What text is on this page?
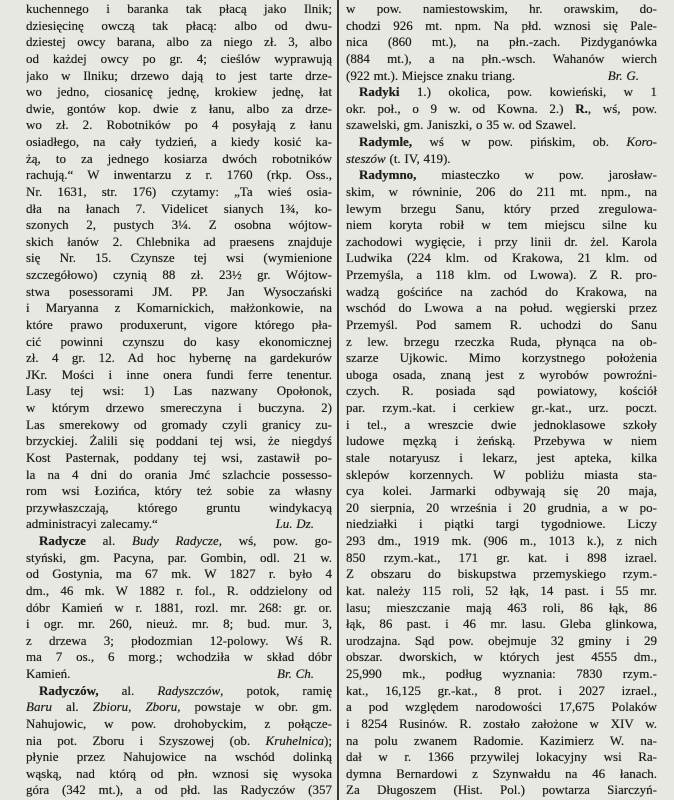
kuchennego i baranka tak płacą jako Ilnik;
dziesięcinę owczą tak płacą: albo od dwu-
dziestej owcy barana, albo za niego zł. 3, albo
od każdej owcy po gr. 4; cieślów wyprawują
jako w Ilniku; drzewo dają to jest tarte drze-
wo jedno, ciosanicę jednę, krokiew jednę, łat
dwie, gontów kop. dwie z łanu, albo za drze-
wo zł. 2. Robotników po 4 posyłają z łanu
osiadłego, na cały tydzień, a kiedy kosić ka-
żą, to za jednego kosiarza dwóch robotników
rachują.“ W inwentarzu z r. 1760 (rkp. Oss.,
Nr. 1631, str. 176) czytamy: „Ta wieś osia-
dła na łanach 7. Videlicet sianych 1¾, ko-
szonych 2, pustych 3¼. Z osobna wójtow-
skich łanów 2. Chlebnika ad praesens znajduje
się Nr. 15. Czynsze tej wsi (wymienione
szczegółowo) czynią 88 zł. 23½ gr. Wójtow-
stwa posessorami JM. PP. Jan Wysoczański
i Maryanna z Komarnickich, małżonkowie, na
które prawo produxerunt, vigore którego pła-
cić powinni czynszu do kasy ekonomicznej
zł. 4 gr. 12. Ad hoc hybernę na gardekurów
JKr. Mości i inne onera fundi ferre tenentur.
Lasy tej wsi: 1) Las nazwany Opołonok,
w którym drzewo smereczyna i buczyna. 2)
Las smerekowy od gromady czyli granicy zu-
brzyckiej. Żalili się poddani tej wsi, że niegdyś
Kost Pasternak, poddany tej wsi, zastawił po-
la na 4 dni do orania Jmć szlachcie possesso-
rom wsi Łozińca, który też sobie za własny
przywłaszczają, którego gruntu windykacyą
administracyi zalecamy.“	Lu. Dz.
Radycze al. Budy Radycze, wś, pow. go-
styński, gm. Pacyna, par. Gombin, odl. 21 w.
od Gostynia, ma 67 mk. W 1827 r. było 4
dm., 46 mk. W 1882 r. fol., R. oddzielony od
dóbr Kamień w r. 1881, rozl. mr. 268: gr. or.
i ogr. mr. 260, nieuż. mr. 8; bud. mur. 3,
z drzewa 3; płodozmian 12-polowy. Wś R.
ma 7 os., 6 morg.; wchodziła w skład dóbr
Kamień.	Br. Ch.
Radyczów, al. Radyszczów, potok, ramię
Baru al. Zbioru, Zboru, powstaje w obr. gm.
Nahujowic, w pow. drohobyckim, z połącze-
nia pot. Zboru i Szyszowej (ob. Kruhelnica);
płynie przez Nahujowice na wschód dolinką
wąską, nad którą od płn. wznosi się wysoka
góra (342 mt.), a od płd. las Radyczów (357
w pow. namiestowskim, hr. orawskim, do-
chodzi 926 mt. npm. Na płd. wznosi się Pale-
nica (860 mt.), na płn.-zach. Pizdyganówka
(884 mt.), a na płn.-wsch. Wahanów wierch
(922 mt.). Miejsce znaku triang.	Br. G.
Radyki 1.) okolica, pow. kowieński, w 1
okr. poł., o 9 w. od Kowna. 2.) R., wś, pow.
szawelski, gm. Janiszki, o 35 w. od Szawel.
Radymle, wś w pow. pińskim, ob. Koro-
steszów (t. IV, 419).
Radymno, miasteczko w pow. jarosław-
skim, w równinie, 206 do 211 mt. npm., na
lewym brzegu Sanu, który przed zregulowa-
niem koryta robił w tem miejscu silne ku
zachodowi wygięcie, i przy linii dr. żel. Karola
Ludwika (224 klm. od Krakowa, 21 klm. od
Przemyśla, a 118 klm. od Lwowa). Z R. pro-
wadzą gościńce na zachód do Krakowa, na
wschód do Lwowa a na połud. węgierski przez
Przemyśl. Pod samem R. uchodzi do Sanu
z lew. brzegu rzeczka Ruda, płynąca na ob-
szarze Ujkowic. Mimo korzystnego położenia
uboga osada, znaną jest z wyrobów powroźni-
czych. R. posiada sąd powiatowy, kościół
par. rzym.-kat. i cerkiew gr.-kat., urz. poczt.
i tel., a wreszcie dwie jednoklasowe szkoły
ludowe męzką i żeńską. Przebywa w niem
stale notaryusz i lekarz, jest apteka, kilka
sklepów korzennych. W pobliżu miasta sta-
cya kolei. Jarmarki odbywają się 20 maja,
20 sierpnia, 20 września i 20 grudnia, a w po-
niedziałki i piątki targi tygodniowe. Liczy
293 dm., 1919 mk. (906 m., 1013 k.), z nich
850 rzym.-kat., 171 gr. kat. i 898 izrael.
Z obszaru do biskupstwa przemyskiego rzym.-
kat. należy 115 roli, 52 łąk, 14 past. i 55 mr.
lasu; mieszczanie mają 463 roli, 86 łąk, 86
łąk, 86 past. i 46 mr. lasu. Gleba glinkowa,
urodzajna. Sąd pow. obejmuje 32 gminy i 29
obszar. dworskich, w których jest 4555 dm.,
25,990 mk., podług wyznania: 7830 rzym.-
kat., 16,125 gr.-kat., 8 prot. i 2027 izrael.,
a pod względem narodowości 17,675 Polaków
i 8254 Rusinów. R. zostało założone w XIV w.
na polu zwanem Radomie. Kazimierz W. na-
dał w r. 1366 przywilej lokacyjny wsi Ra-
dymna Bernardowi z Szynwałdu na 46 łanach.
Za Długoszem (Hist. Pol.) powtarza Siarczyń-
